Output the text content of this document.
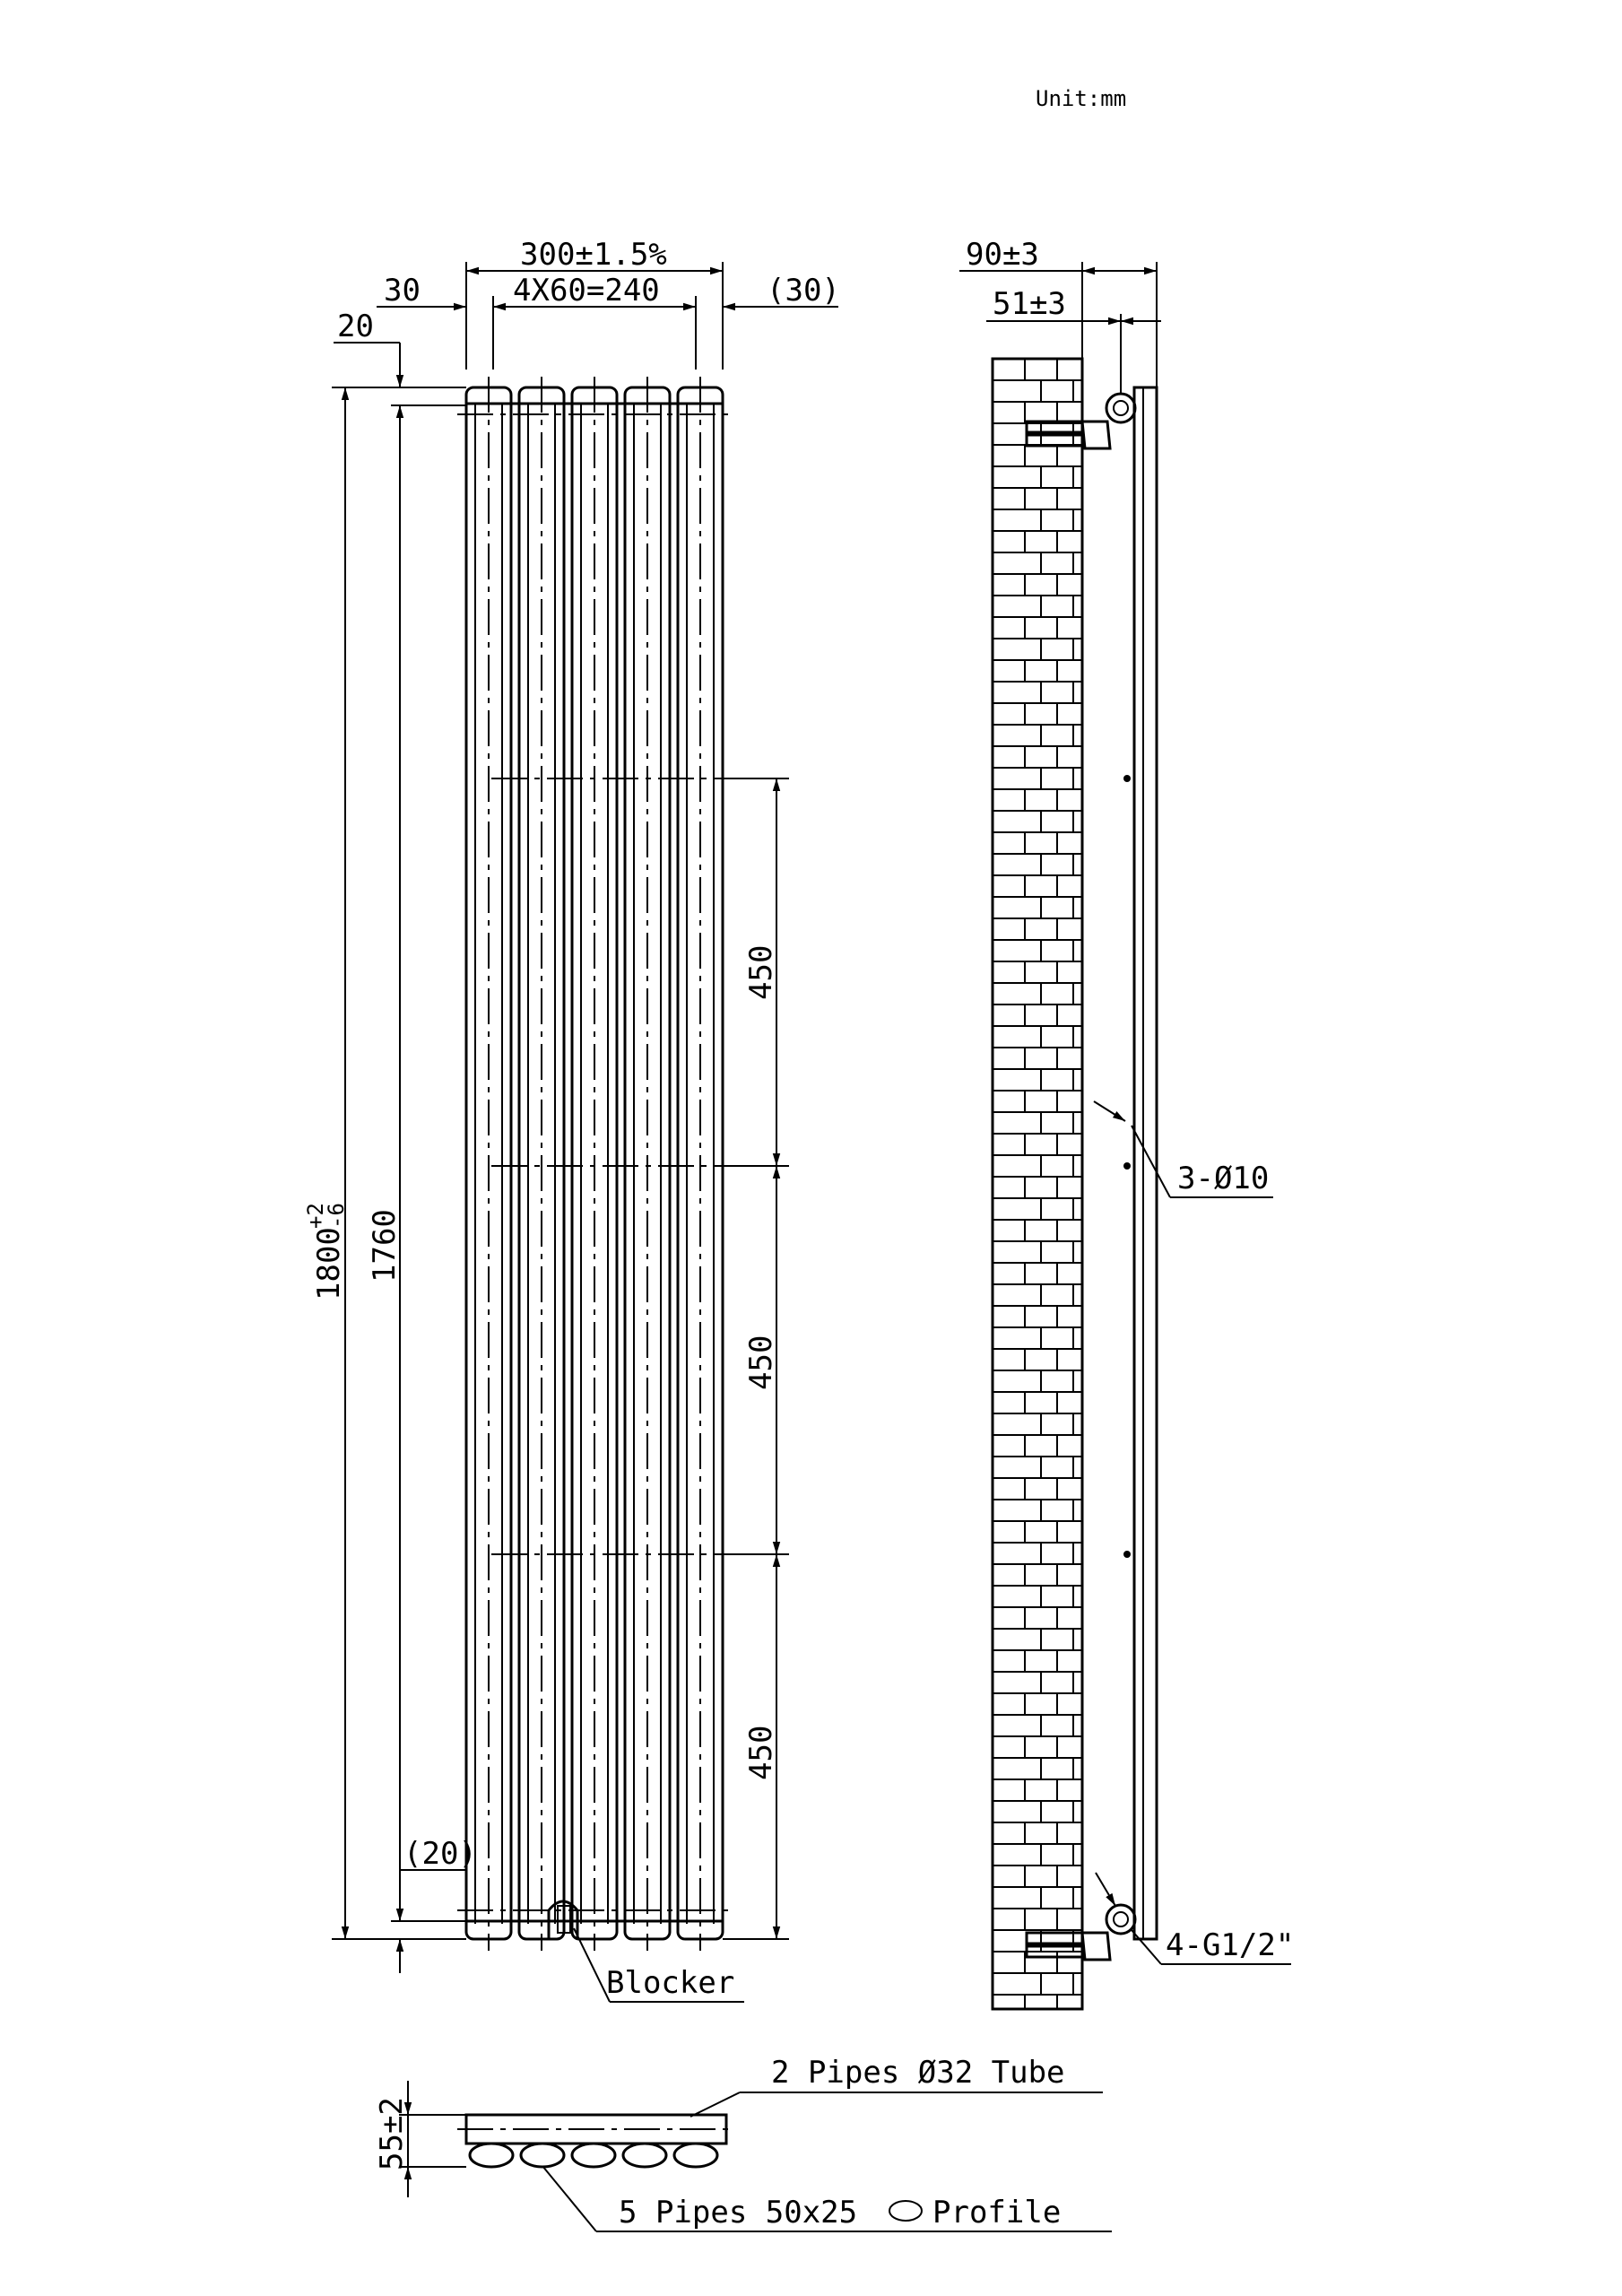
Unit:mm
300±1.5%
4X60=240
30	(30)
20
1800
+2
-6 1760
(20)
450
450
450
Blocker
90±3
51±3
3-Ø10
4-G1/2"
55±2
2 Pipes Ø32 Tube
5 Pipes 50x25 Profile
